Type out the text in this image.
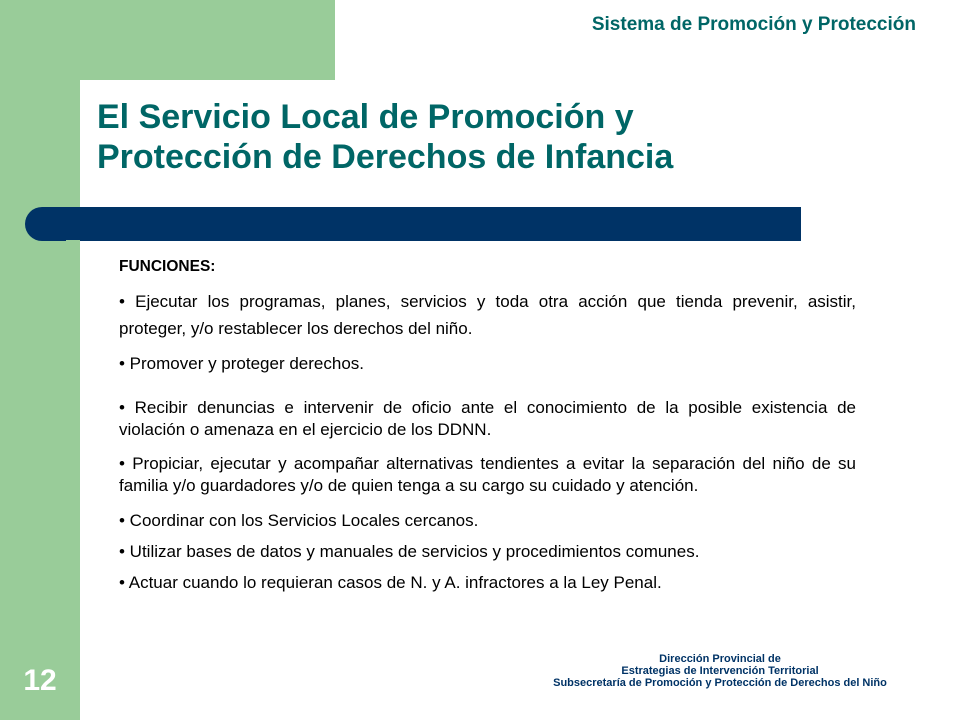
Sistema de Promoción y Protección
El Servicio Local de Promoción y
Protección de Derechos de Infancia
FUNCIONES:
• Ejecutar los programas, planes, servicios y toda otra acción que tienda prevenir, asistir, proteger, y/o restablecer los derechos del niño.
• Promover y proteger derechos.
• Recibir denuncias e intervenir de oficio ante el conocimiento de la posible existencia de violación o amenaza en el ejercicio de los DDNN.
• Propiciar, ejecutar y acompañar alternativas tendientes a evitar la separación del niño de su familia y/o guardadores y/o de quien tenga a su cargo su cuidado y atención.
• Coordinar con los Servicios Locales cercanos.
• Utilizar bases de datos y manuales de servicios y procedimientos comunes.
• Actuar cuando lo requieran casos de N. y A. infractores a la Ley Penal.
Dirección Provincial de
Estrategias de Intervención Territorial
Subsecretaría de Promoción y Protección de Derechos del Niño
12
